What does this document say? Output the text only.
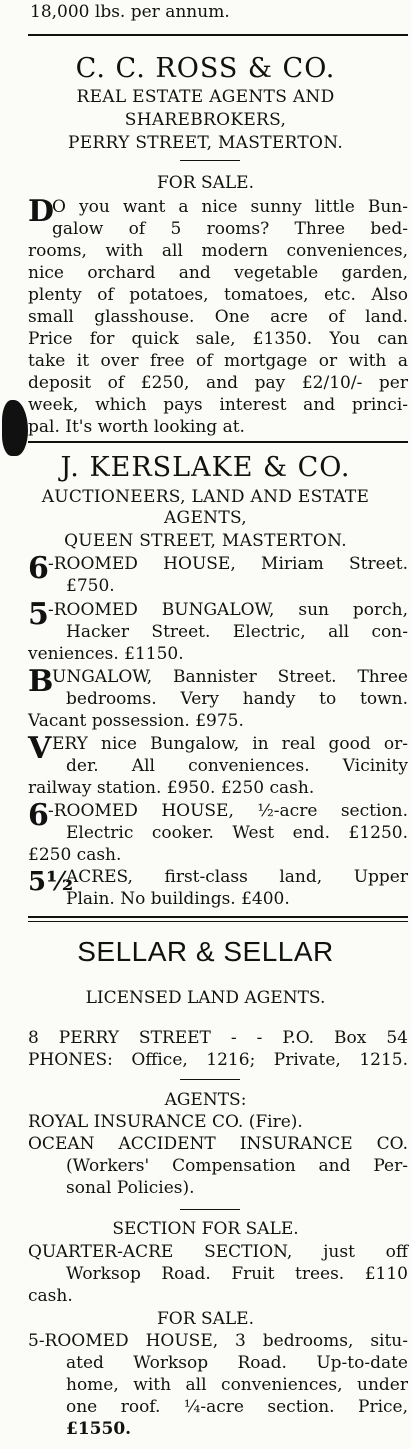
18,000 lbs. per annum.
C. C. ROSS & CO.
REAL ESTATE AGENTS AND
SHAREBROKERS,
PERRY STREET, MASTERTON.
FOR SALE.
D
O you want a nice sunny little Bun-
galow of 5 rooms? Three bed-
rooms, with all modern conveniences,
nice orchard and vegetable garden,
plenty of potatoes, tomatoes, etc. Also
small glasshouse. One acre of land.
Price for quick sale, £1350. You can
take it over free of mortgage or with a
deposit of £250, and pay £2/10/- per
week, which pays interest and princi-
pal. It's worth looking at.
J. KERSLAKE & CO.
AUCTIONEERS, LAND AND ESTATE
AGENTS,
QUEEN STREET, MASTERTON.
6 -ROOMED HOUSE, Miriam Street.
£750.
5 -ROOMED BUNGALOW, sun porch,
Hacker Street. Electric, all con-
veniences. £1150.
B
UNGALOW, Bannister Street. Three
bedrooms. Very handy to town.
Vacant possession. £975.
V ERY nice Bungalow, in real good or-
der. All conveniences. Vicinity
railway station. £950. £250 cash.
6 -ROOMED HOUSE, ½-acre section.
Electric cooker. West end. £1250.
£250 cash.
5½
ACRES, first-class land, Upper
Plain. No buildings. £400.
SELLAR & SELLAR
LICENSED LAND AGENTS.
8 PERRY STREET - - P.O. Box 54
PHONES: Office, 1216; Private, 1215.
AGENTS:
ROYAL INSURANCE CO. (Fire).
OCEAN ACCIDENT INSURANCE CO.
(Workers' Compensation and Per-
sonal Policies).
SECTION FOR SALE.
QUARTER-ACRE SECTION, just off
Worksop Road. Fruit trees. £110
cash.
FOR SALE.
5-ROOMED HOUSE, 3 bedrooms, situ-
ated Worksop Road. Up-to-date
home, with all conveniences, under
one roof. ¼-acre section. Price,
£1550.
